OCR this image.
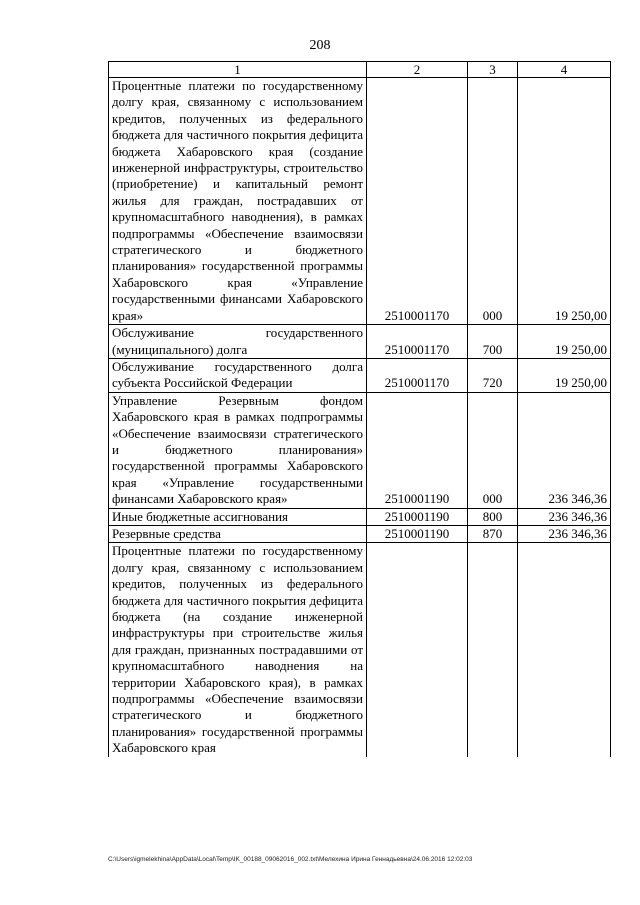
208
1	2	3	4
Процентные платежи по государственному долгу края, связанному с использованием кредитов, полученных из федерального бюджета для частичного покрытия дефицита бюджета Хабаровского края (создание инженерной инфраструктуры, строительство (приобретение) и капитальный ремонт жилья для граждан, пострадавших от крупномасштабного наводнения), в рамках подпрограммы «Обеспечение взаимосвязи стратегического и бюджетного планирования» государственной программы Хабаровского края «Управление государственными финансами Хабаровского края»	2510001170	000	19 250,00
Обслуживание государственного (муниципального) долга	2510001170	700	19 250,00
Обслуживание государственного долга субъекта Российской Федерации	2510001170	720	19 250,00
Управление Резервным фондом Хабаровского края в рамках подпрограммы «Обеспечение взаимосвязи стратегического и бюджетного планирования» государственной программы Хабаровского края «Управление государственными финансами Хабаровского края»	2510001190	000	236 346,36
Иные бюджетные ассигнования	2510001190	800	236 346,36
Резервные средства	2510001190	870	236 346,36
Процентные платежи по государственному долгу края, связанному с использованием кредитов, полученных из федерального бюджета для частичного покрытия дефицита бюджета (на создание инженерной инфраструктуры при строительстве жилья для граждан, признанных пострадавшими от крупномасштабного наводнения на территории Хабаровского края), в рамках подпрограммы «Обеспечение взаимосвязи стратегического и бюджетного планирования» государственной программы Хабаровского края			
C:\Users\igmelekhina\AppData\Local\Temp\IK_00188_09062016_002.txt\Мелехина Ирина Геннадьевна\24.06.2016 12:02:03
